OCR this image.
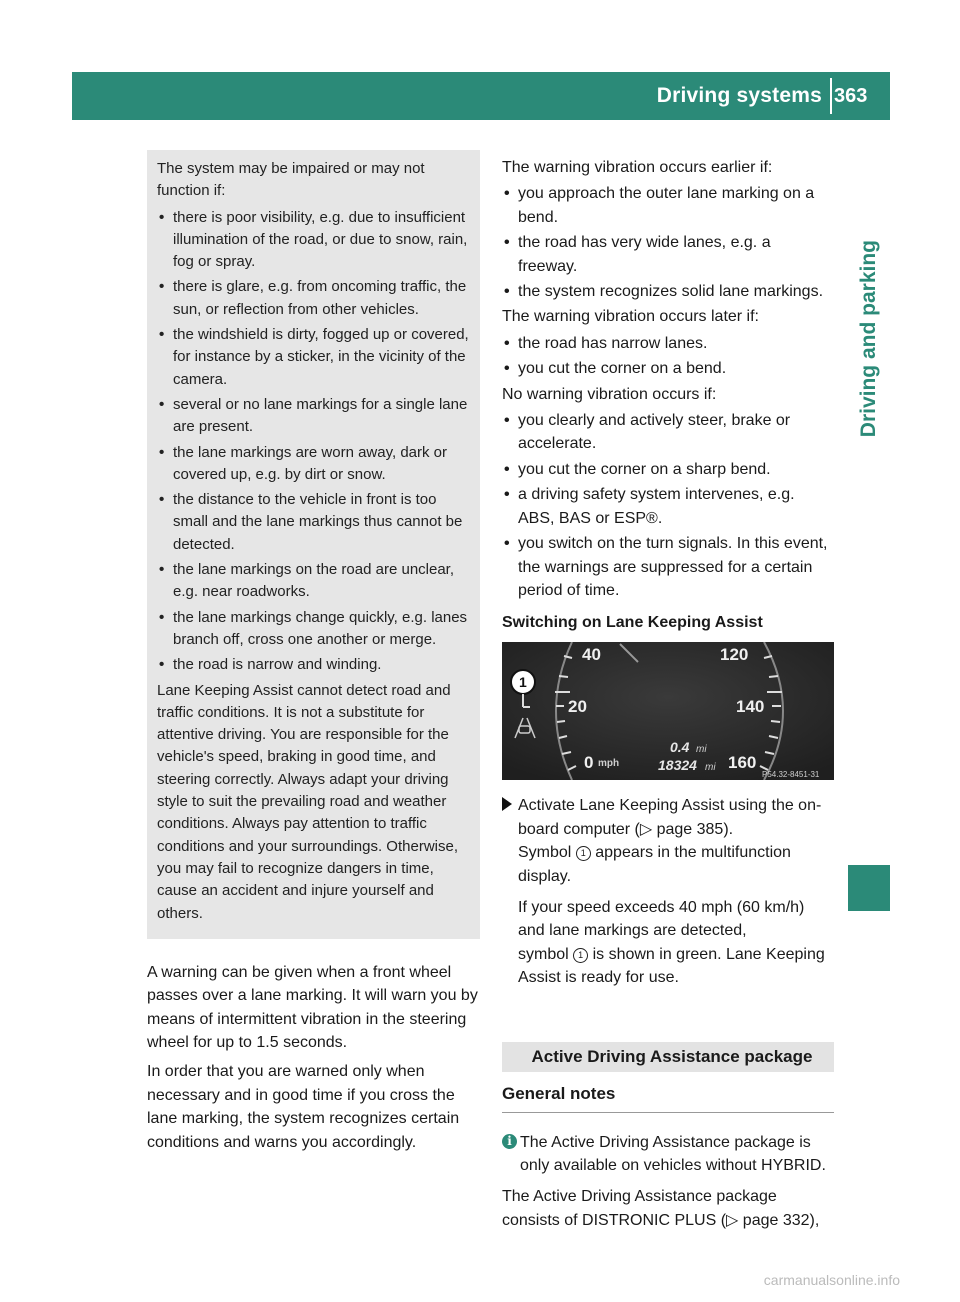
Driving systems 363
Driving and parking

The system may be impaired or may not function if:

• there is poor visibility, e.g. due to insufficient illumination of the road, or due to snow, rain, fog or spray.
• there is glare, e.g. from oncoming traffic, the sun, or reflection from other vehicles.
• the windshield is dirty, fogged up or covered, for instance by a sticker, in the vicinity of the camera.
• several or no lane markings for a single lane are present.
• the lane markings are worn away, dark or covered up, e.g. by dirt or snow.
• the distance to the vehicle in front is too small and the lane markings thus cannot be detected.
• the lane markings on the road are unclear, e.g. near roadworks.
• the lane markings change quickly, e.g. lanes branch off, cross one another or merge.
• the road is narrow and winding.

Lane Keeping Assist cannot detect road and traffic conditions. It is not a substitute for attentive driving. You are responsible for the vehicle's speed, braking in good time, and steering correctly. Always adapt your driving style to suit the prevailing road and weather conditions. Always pay attention to traffic conditions and your surroundings. Otherwise, you may fail to recognize dangers in time, cause an accident and injure yourself and others.

A warning can be given when a front wheel passes over a lane marking. It will warn you by means of intermittent vibration in the steering wheel for up to 1.5 seconds.

In order that you are warned only when necessary and in good time if you cross the lane marking, the system recognizes certain conditions and warns you accordingly.

The warning vibration occurs earlier if:

• you approach the outer lane marking on a bend.
• the road has very wide lanes, e.g. a freeway.
• the system recognizes solid lane markings.

The warning vibration occurs later if:

• the road has narrow lanes.
• you cut the corner on a bend.

No warning vibration occurs if:

• you clearly and actively steer, brake or accelerate.
• you cut the corner on a sharp bend.
• a driving safety system intervenes, e.g. ABS, BAS or ESP®.
• you switch on the turn signals. In this event, the warnings are suppressed for a certain period of time.
Switching on Lane Keeping Assist
40
20
0 mph
120
140
160
0.4 mi
18324 mi
P54.32-8451-31
1

Activate Lane Keeping Assist using the on-board computer (▷ page 385).

Symbol 1 appears in the multifunction display.

If your speed exceeds 40 mph (60 km/h) and lane markings are detected,

symbol 1 is shown in green. Lane Keeping Assist is ready for use.

Active Driving Assistance package
General notes
i The Active Driving Assistance package is only available on vehicles without HYBRID.

The Active Driving Assistance package consists of DISTRONIC PLUS (▷ page 332),

carmanualsonline.info
